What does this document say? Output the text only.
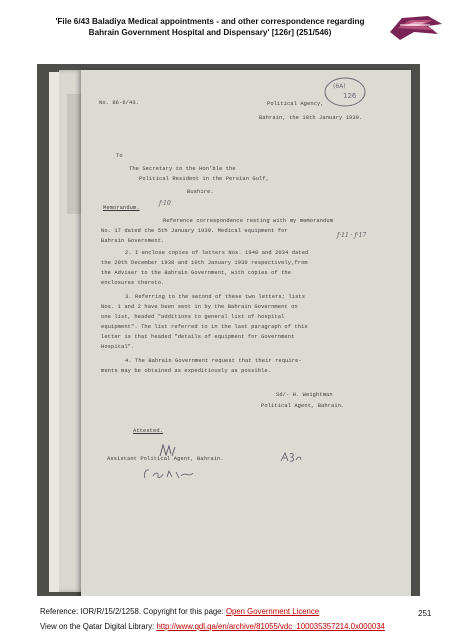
'File 6/43 Baladiya Medical appointments - and other correspondence regarding
Bahrain Government Hospital and Dispensary' [126r] (251/546)
(6A)
126
No. 86-6/43.	Political Agency,
Bahrain, the 18th January 1939.
To
The Secretary to the Hon'ble the
Political Resident in the Persian Gulf,
Bushire.
Memorandum.
ƒ·10
Reference correspondence resting with my memorandum
No. 17 dated the 5th January 1939. Medical equipment for
Bahrain Government.
ƒ·11 · ƒ·17
2. I enclose copies of letters Nos. 1940 and 2034 dated
the 20th December 1938 and 10th January 1939 respectively,from
the Adviser to the Bahrain Government, with copies of the
enclosures thereto.
3. Referring to the second of these two letters; lists
Nos. 1 and 2 have been sent in by the Bahrain Government on
one list, headed "additions to general list of hospital
equipment". The list referred to in the last paragraph of this
letter is that headed "details of equipment for Government
Hospital".
4. The Bahrain Government request that their require-
ments may be obtained as expeditiously as possible.
Sd/- H. Weightman
Political Agent, Bahrain.
Attested.
Assistant Political Agent, Bahrain.
Reference: IOR/R/15/2/1258. Copyright for this page: Open Government Licence
View on the Qatar Digital Library: http://www.qdl.qa/en/archive/81055/vdc_100035357214.0x000034
251
